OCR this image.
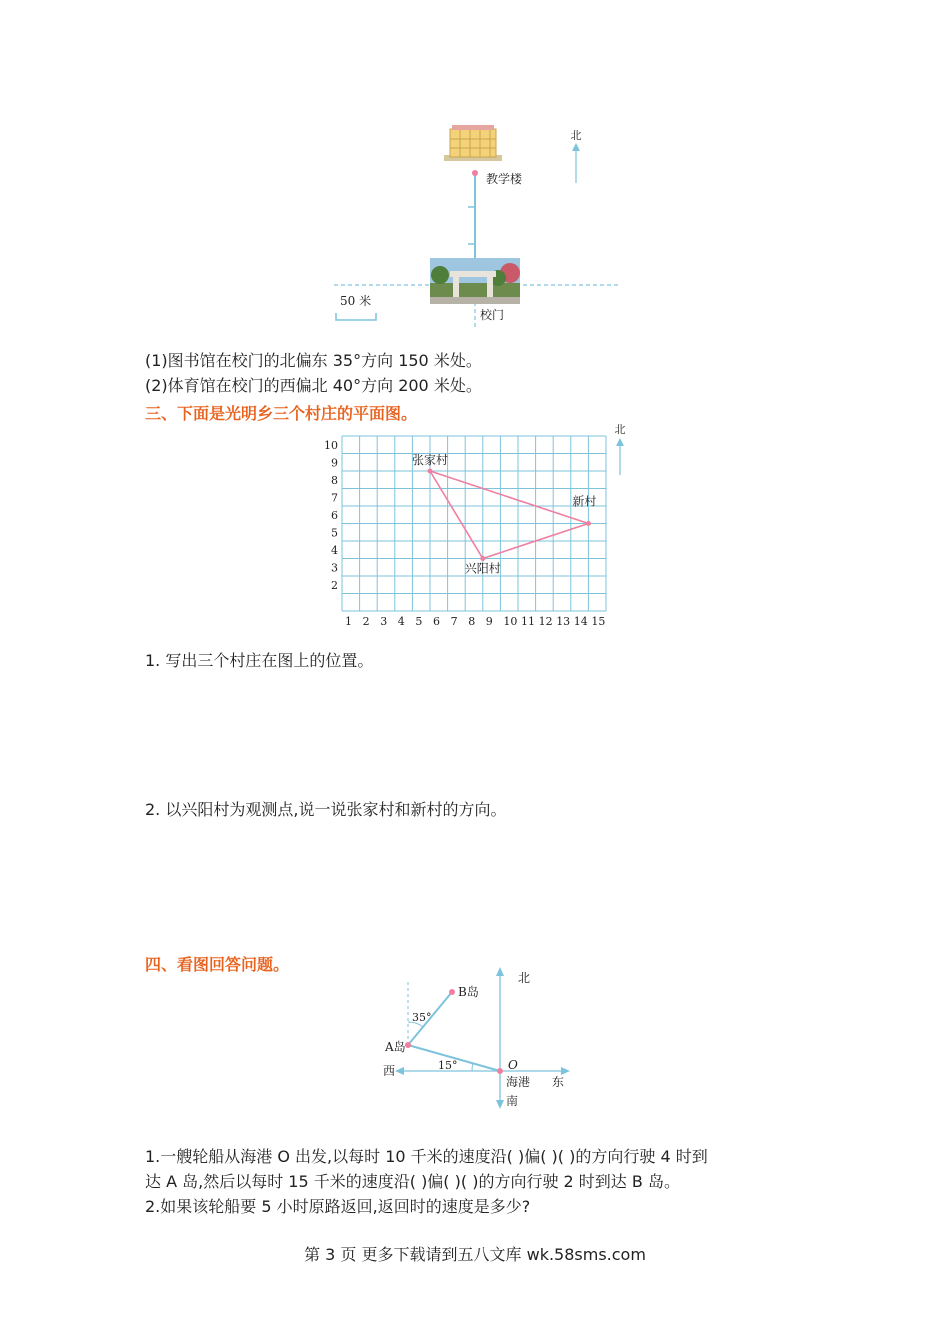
北
教学楼
校门
50 米
(1)图书馆在校门的北偏东 35°方向 150 米处。
(2)体育馆在校门的西偏北 40°方向 200 米处。
三、下面是光明乡三个村庄的平面图。
1 2 3 4 5 6 7 8 9 10 11 12 13 14 15
2
3
4
5
6
7
8
9
10
张家村
新村
兴阳村
北
1. 写出三个村庄在图上的位置。
2. 以兴阳村为观测点,说一说张家村和新村的方向。
四、看图回答问题。
北
南
东
西
海港
O
A岛
B岛
35°
15°
1.一艘轮船从海港 O 出发,以每时 10 千米的速度沿( )偏( )( )的方向行驶 4 时到
达 A 岛,然后以每时 15 千米的速度沿( )偏( )( )的方向行驶 2 时到达 B 岛。
2.如果该轮船要 5 小时原路返回,返回时的速度是多少?
第 3 页 更多下载请到五八文库 wk.58sms.com
